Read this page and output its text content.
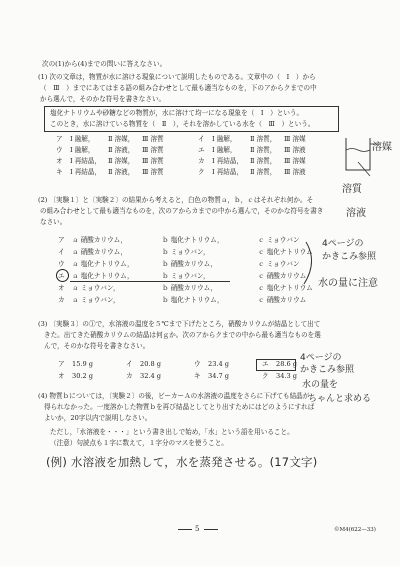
次の(1)から(4)までの問いに答えなさい。
(1) 次の文章は，物質が水に溶ける現象について説明したものである。文章中の（　Ⅰ　）から
（　Ⅲ　）までにあてはまる語の組み合わせとして最も適当なものを，下のアからクまでの中
から選んで，そのかな符号を書きなさい。
塩化ナトリウムや砂糖などの物質が，水に溶けて均一になる現象を（　Ⅰ　）という。
このとき，水に溶けている物質を（　Ⅱ　），それを溶かしている水を（　Ⅲ　）という。
ア Ⅰ 融解， Ⅱ 溶媒， Ⅲ 溶質	イ Ⅰ 融解， Ⅱ 溶質， Ⅲ 溶媒
ウ Ⅰ 融解， Ⅱ 溶液， Ⅲ 溶質	エ Ⅰ 融解， Ⅱ 溶質， Ⅲ 溶液
オ Ⅰ 再結晶， Ⅱ 溶媒， Ⅲ 溶質	カ Ⅰ 再結晶， Ⅱ 溶質， Ⅲ 溶媒
キ Ⅰ 再結晶， Ⅱ 溶液， Ⅲ 溶質	ク Ⅰ 再結晶， Ⅱ 溶質， Ⅲ 溶液
溶媒
溶質
溶液
(2) 〔実験１〕と〔実験２〕の結果から考えると，白色の物質ａ，ｂ，ｃはそれぞれ何か。そ
の組み合わせとして最も適当なものを，次のアからカまでの中から選んで，そのかな符号を書き
なさい。
ア ａ 硝酸カリウム，	ｂ 塩化ナトリウム，	ｃ ミョウバン
イ ａ 硝酸カリウム，	ｂ ミョウバン，	ｃ 塩化ナトリウム
ウ ａ 塩化ナトリウム，	ｂ 硝酸カリウム，	ｃ ミョウバン
エ ａ 塩化ナトリウム，	ｂ ミョウバン，	ｃ 硝酸カリウム
オ ａ ミョウバン，	ｂ 硝酸カリウム，	ｃ 塩化ナトリウム
カ ａ ミョウバン，	ｂ 塩化ナトリウム，	ｃ 硝酸カリウム
4ページの
かきこみ参照
水の量に注意
(3) 〔実験３〕の①で，水溶液の温度を５℃まで下げたところ，硝酸カリウムが結晶として出て
きた。出てきた硝酸カリウムの結晶は何ｇか。次のアからクまでの中から最も適当なものを選
んで，そのかな符号を書きなさい。
ア 15.9 g	イ 20.8 g	ウ 23.4 g	エ 28.6 g
オ 30.2 g	カ 32.4 g	キ 34.7 g	ク 34.3 g
4ページの
かきこみ参照
水の量を
ちゃんと求める
(4) 物質ｂについては，〔実験２〕の後，ビーカーＡの水溶液の温度をさらに下げても結晶が
得られなかった。一度溶かした物質ｂを再び結晶としてとり出すためにはどのようにすれば
よいか，20字以内で説明しなさい。
ただし，「水溶液を・・・」という書き出しで始め，「水」という語を用いること。
（注意）句読点も１字に数えて，１字分のマスを使うこと。
(例) 水溶液を加熱して，水を蒸発させる。(17文字)
5	©M4(622—33)
